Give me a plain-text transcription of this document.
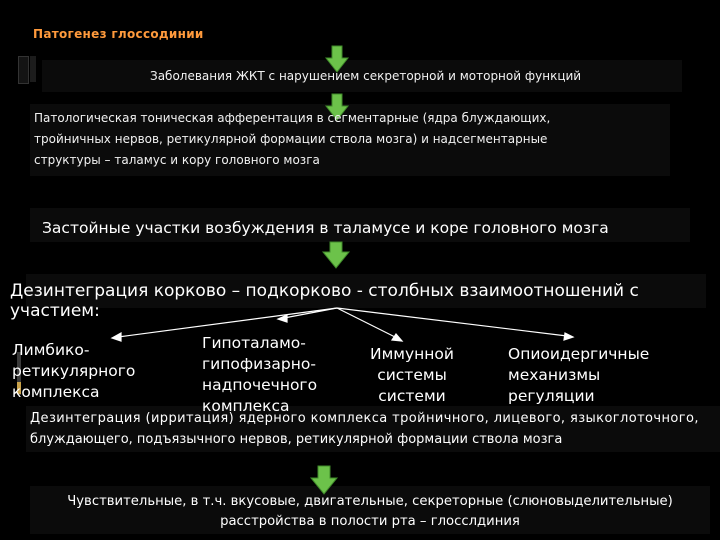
Патогенез глоссодинии
Заболевания ЖКТ с нарушением секреторной и моторной функций
Патологическая тоническая афферентация в сегментарные (ядра блуждающих,
тройничных нервов, ретикулярной формации ствола мозга) и надсегментарные
структуры – таламус и кору головного мозга
Застойные участки возбуждения в таламусе и коре головного мозга
Дезинтеграция корково – подкорково - столбных взаимоотношений с участием:
Лимбико-
ретикулярного
комплекса
Гипоталамо-
гипофизарно-
надпочечного
комплекса
Иммунной
системы
системи
Опиоидергичные
механизмы
регуляции
Дезинтеграция (ирритация) ядерного комплекса тройничного, лицевого, языкоглоточного,
блуждающего, подъязычного нервов, ретикулярной формации ствола мозга
Чувствительные, в т.ч. вкусовые, двигательные, секреторные (слюновыделительные)
расстройства в полости рта – глосслдиния
